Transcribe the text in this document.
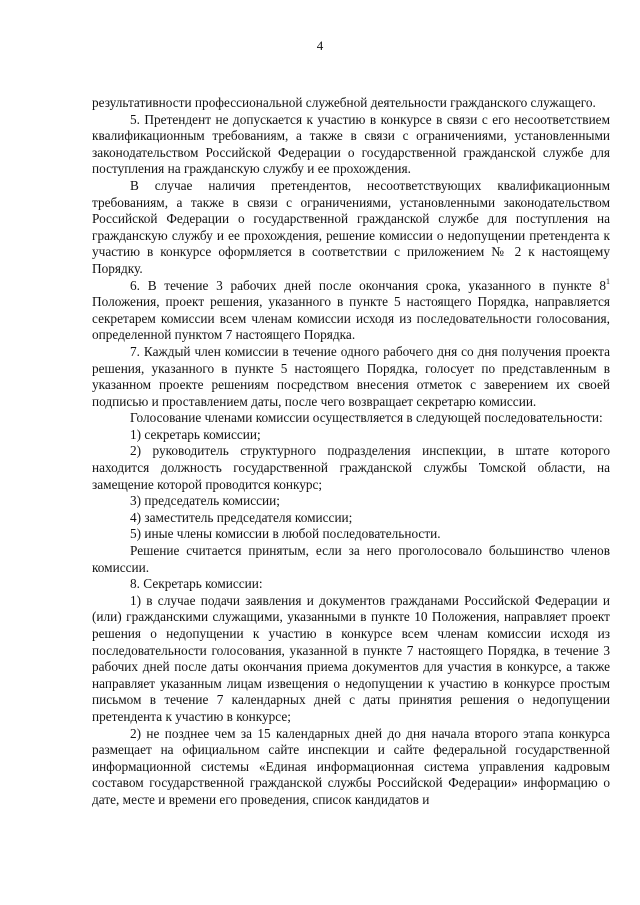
4

результативности профессиональной служебной деятельности гражданского служащего.

5. Претендент не допускается к участию в конкурсе в связи с его несоответствием квалификационным требованиям, а также в связи с ограничениями, установленными законодательством Российской Федерации о государственной гражданской службе для поступления на гражданскую службу и ее прохождения.

В случае наличия претендентов, несоответствующих квалификационным требованиям, а также в связи с ограничениями, установленными законодательством Российской Федерации о государственной гражданской службе для поступления на гражданскую службу и ее прохождения, решение комиссии о недопущении претендента к участию в конкурсе оформляется в соответствии с приложением № 2 к настоящему Порядку.

6. В течение 3 рабочих дней после окончания срока, указанного в пункте $8^1$ Положения, проект решения, указанного в пункте 5 настоящего Порядка, направляется секретарем комиссии всем членам комиссии исходя из последовательности голосования, определенной пунктом 7 настоящего Порядка.

7. Каждый член комиссии в течение одного рабочего дня со дня получения проекта решения, указанного в пункте 5 настоящего Порядка, голосует по представленным в указанном проекте решениям посредством внесения отметок с заверением их своей подписью и проставлением даты, после чего возвращает секретарю комиссии.

Голосование членами комиссии осуществляется в следующей последовательности:

1) секретарь комиссии;

2) руководитель структурного подразделения инспекции, в штате которого находится должность государственной гражданской службы Томской области, на замещение которой проводится конкурс;

3) председатель комиссии;

4) заместитель председателя комиссии;

5) иные члены комиссии в любой последовательности.

Решение считается принятым, если за него проголосовало большинство членов комиссии.

8. Секретарь комиссии:

1) в случае подачи заявления и документов гражданами Российской Федерации и (или) гражданскими служащими, указанными в пункте 10 Положения, направляет проект решения о недопущении к участию в конкурсе всем членам комиссии исходя из последовательности голосования, указанной в пункте 7 настоящего Порядка, в течение 3 рабочих дней после даты окончания приема документов для участия в конкурсе, а также направляет указанным лицам извещения о недопущении к участию в конкурсе простым письмом в течение 7 календарных дней с даты принятия решения о недопущении претендента к участию в конкурсе;

2) не позднее чем за 15 календарных дней до дня начала второго этапа конкурса размещает на официальном сайте инспекции и сайте федеральной государственной информационной системы «Единая информационная система управления кадровым составом государственной гражданской службы Российской Федерации» информацию о дате, месте и времени его проведения, список кандидатов и
